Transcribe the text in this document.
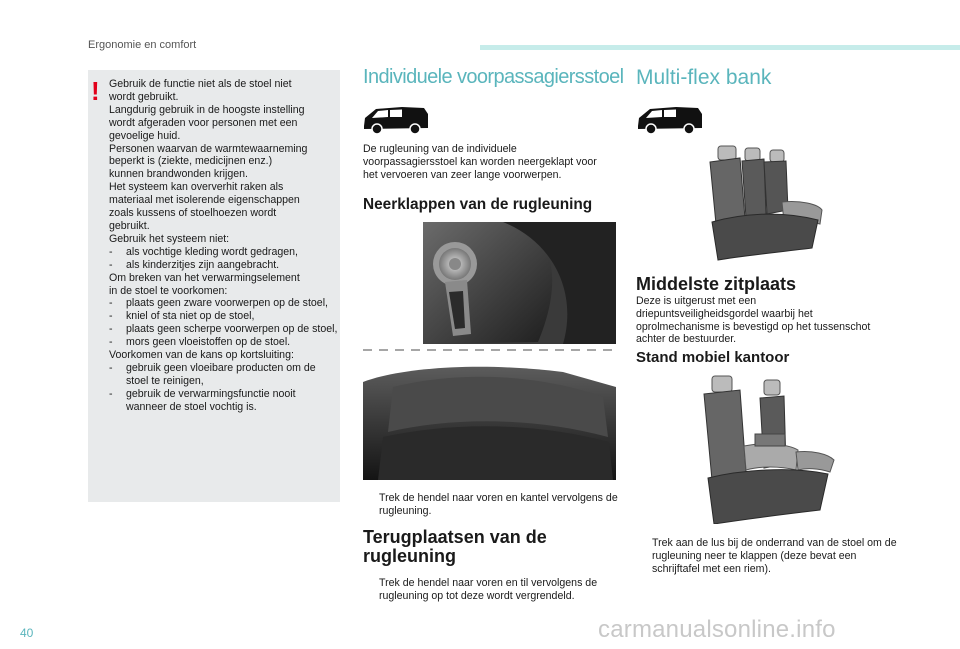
Ergonomie en comfort
! Gebruik de functie niet als de stoel niet
wordt gebruikt.
Langdurig gebruik in de hoogste instelling
wordt afgeraden voor personen met een
gevoelige huid.
Personen waarvan de warmtewaarneming
beperkt is (ziekte, medicijnen enz.)
kunnen brandwonden krijgen.
Het systeem kan oververhit raken als
materiaal met isolerende eigenschappen
zoals kussens of stoelhoezen wordt
gebruikt.
Gebruik het systeem niet:
- als vochtige kleding wordt gedragen,
- als kinderzitjes zijn aangebracht.
Om breken van het verwarmingselement
in de stoel te voorkomen:
- plaats geen zware voorwerpen op de stoel,
- kniel of sta niet op de stoel,
- plaats geen scherpe voorwerpen op de stoel,
- mors geen vloeistoffen op de stoel.
Voorkomen van de kans op kortsluiting:
- gebruik geen vloeibare producten om de stoel te reinigen,
- gebruik de verwarmingsfunctie nooit wanneer de stoel vochtig is.
Individuele voorpassagiersstoel
De rugleuning van de individuele voorpassagiersstoel kan worden neergeklapt voor het vervoeren van zeer lange voorwerpen.
Neerklappen van de rugleuning
Trek de hendel naar voren en kantel vervolgens de rugleuning.
Terugplaatsen van de rugleuning
Trek de hendel naar voren en til vervolgens de rugleuning op tot deze wordt vergrendeld.
Multi-flex bank
Middelste zitplaats
Deze is uitgerust met een driepuntsveiligheidsgordel waarbij het oprolmechanisme is bevestigd op het tussenschot achter de bestuurder.
Stand mobiel kantoor
Trek aan de lus bij de onderrand van de stoel om de rugleuning neer te klappen (deze bevat een schrijftafel met een riem).
40	carmanualsonline.info
